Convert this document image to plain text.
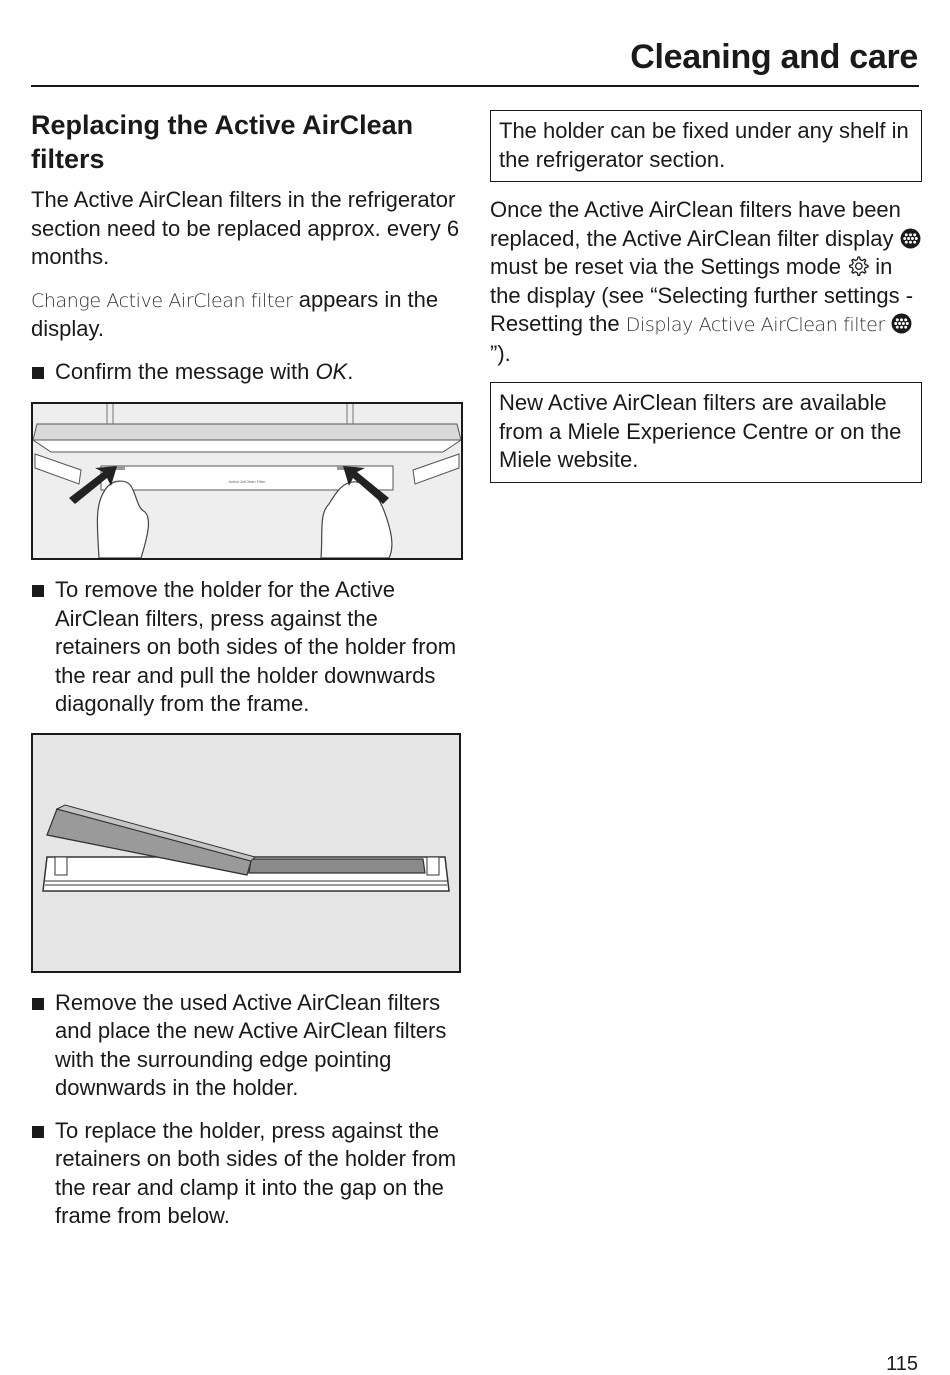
Cleaning and care
Replacing the Active AirClean filters

The Active AirClean filters in the refrigerator section need to be replaced approx. every 6 months.

Change Active AirClean filter appears in the display.

Confirm the message with OK.
Active AirClean Filter
To remove the holder for the Active AirClean filters, press against the retainers on both sides of the holder from the rear and pull the holder downwards diagonally from the frame.
Remove the used Active AirClean filters and place the new Active AirClean filters with the surrounding edge pointing downwards in the holder.
To replace the holder, press against the retainers on both sides of the holder from the rear and clamp it into the gap on the frame from below.
The holder can be fixed under any shelf in the refrigerator section.

Once the Active AirClean filters have been replaced, the Active AirClean filter display  must be reset via the Settings mode  in the display (see “Selecting further settings - Resetting the Display Active AirClean filter ”).

New Active AirClean filters are available from a Miele Experience Centre or on the Miele website.
115
